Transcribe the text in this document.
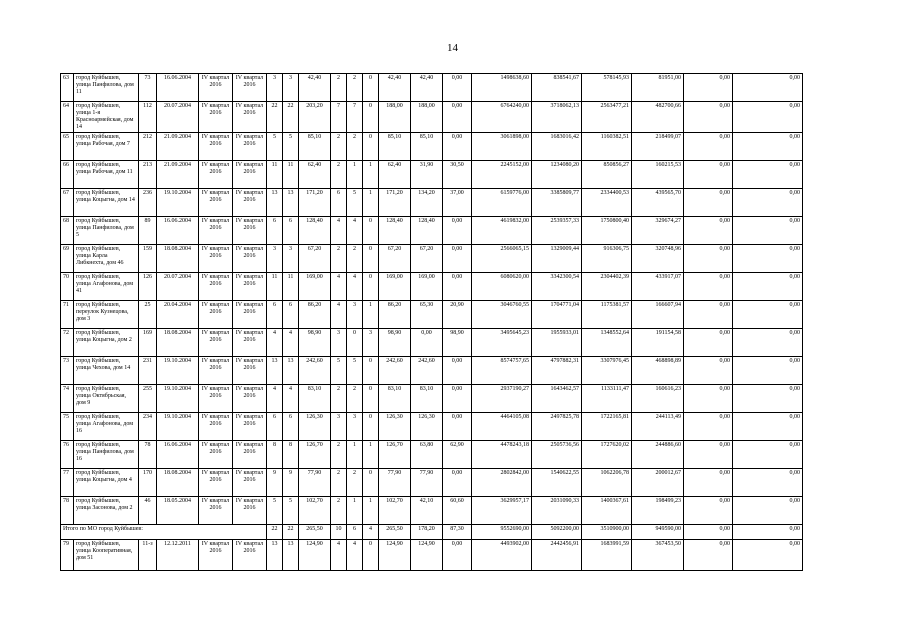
14
63	город Куйбышев, улица Панфилова, дом 11	73	16.06.2004	IV квартал 2016	IV квартал 2016	3	3	42,40	2	2	0	42,40	42,40	0,00	1498638,60	838541,67	578145,93	81951,00	0,00	0,00
64	город Куйбышев, улица 1-я Красноармейская, дом 14	112	20.07.2004	IV квартал 2016	IV квартал 2016	22	22	203,20	7	7	0	188,00	188,00	0,00	6764240,00	3718062,13	2563477,21	482700,66	0,00	0,00
65	город Куйбышев, улица Рабочая, дом 7	212	21.09.2004	IV квартал 2016	IV квартал 2016	5	5	85,10	2	2	0	85,10	85,10	0,00	3061898,00	1683016,42	1160382,51	218499,07	0,00	0,00
66	город Куйбышев, улица Рабочая, дом 11	213	21.09.2004	IV квартал 2016	IV квартал 2016	11	11	62,40	2	1	1	62,40	31,90	30,50	2245152,00	1234080,20	850856,27	160215,53	0,00	0,00
67	город Куйбышев, улица Коцыгна, дом 14	236	19.10.2004	IV квартал 2016	IV квартал 2016	13	13	171,20	6	5	1	171,20	134,20	37,00	6159776,00	3385809,77	2334400,53	439565,70	0,00	0,00
68	город Куйбышев, улица Панфилова, дом 5	89	16.06.2004	IV квартал 2016	IV квартал 2016	6	6	128,40	4	4	0	128,40	128,40	0,00	4619832,00	2539357,33	1750800,40	329674,27	0,00	0,00
69	город Куйбышев, улица Карла Либкнехта, дом 46	159	18.08.2004	IV квартал 2016	IV квартал 2016	3	3	67,20	2	2	0	67,20	67,20	0,00	2566065,15	1329009,44	916306,75	320748,96	0,00	0,00
70	город Куйбышев, улица Агафонова, дом 41	126	20.07.2004	IV квартал 2016	IV квартал 2016	11	11	169,00	4	4	0	169,00	169,00	0,00	6080620,00	3342300,54	2304402,39	433917,07	0,00	0,00
71	город Куйбышев, переулок Кузнецова, дом 3	25	20.04.2004	IV квартал 2016	IV квартал 2016	6	6	86,20	4	3	1	86,20	65,30	20,90	3046760,55	1704771,04	1175381,57	166607,94	0,00	0,00
72	город Куйбышев, улица Коцыгна, дом 2	169	18.08.2004	IV квартал 2016	IV квартал 2016	4	4	98,90	3	0	3	98,90	0,00	98,90	3495645,23	1955933,01	1348552,64	191154,58	0,00	0,00
73	город Куйбышев, улица Чехова, дом 14	231	19.10.2004	IV квартал 2016	IV квартал 2016	13	13	242,60	5	5	0	242,60	242,60	0,00	8574757,65	4797882,31	3307976,45	468898,89	0,00	0,00
74	город Куйбышев, улица Октябрьская, дом 9	255	19.10.2004	IV квартал 2016	IV квартал 2016	4	4	83,10	2	2	0	83,10	83,10	0,00	2937190,27	1643462,57	1133111,47	160616,23	0,00	0,00
75	город Куйбышев, улица Агафонова, дом 16	234	19.10.2004	IV квартал 2016	IV квартал 2016	6	6	126,30	3	3	0	126,30	126,30	0,00	4464105,08	2497825,78	1722165,81	244113,49	0,00	0,00
76	город Куйбышев, улица Панфилова, дом 16	78	16.06.2004	IV квартал 2016	IV квартал 2016	8	8	126,70	2	1	1	126,70	63,80	62,90	4478243,18	2505736,56	1727620,02	244886,60	0,00	0,00
77	город Куйбышев, улица Коцыгна, дом 4	170	18.08.2004	IV квартал 2016	IV квартал 2016	9	9	77,90	2	2	0	77,90	77,90	0,00	2802842,00	1540622,55	1062206,78	200012,67	0,00	0,00
78	город Куйбышев, улица Засонова, дом 2	46	18.05.2004	IV квартал 2016	IV квартал 2016	5	5	102,70	2	1	1	102,70	42,10	60,60	3629957,17	2031090,33	1400367,61	198499,23	0,00	0,00
Итого по МО город Куйбышев:						22	22	265,50	10	6	4	265,50	178,20	87,30	9552690,00	5092200,00	3510900,00	949590,00	0,00	0,00
79	город Куйбышев, улица Кооперативная, дом 51	11-з	12.12.2011	IV квартал 2016	IV квартал 2016	13	13	124,90	4	4	0	124,90	124,90	0,00	4493902,00	2442456,91	1683991,59	367453,50	0,00	0,00
